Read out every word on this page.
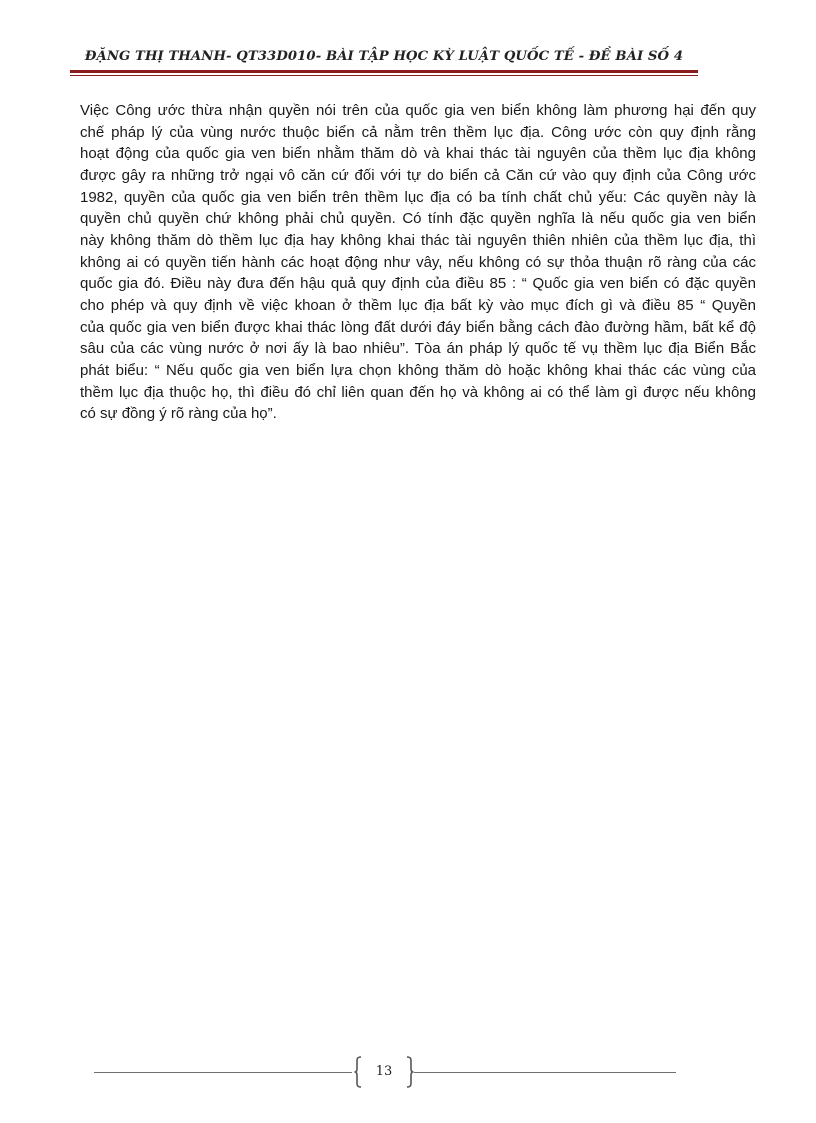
ĐẶNG THỊ THANH- QT33D010- BÀI TẬP HỌC KỲ LUẬT QUỐC TẾ - ĐỀ BÀI SỐ 4
Việc Công ước thừa nhận quyền nói trên của quốc gia ven biển không làm phương hại đến quy
chế pháp lý của vùng nước thuộc biển cả nằm trên thềm lục địa. Công ước còn quy định rằng
hoạt động của quốc gia ven biển nhằm thăm dò và khai thác tài nguyên của thềm lục địa không
được gây ra những trở ngại vô căn cứ đối với tự do biển cả Căn cứ vào quy định của Công ước
1982, quyền của quốc gia ven biển trên thềm lục địa có ba tính chất chủ yếu: Các quyền này là
quyền chủ quyền chứ không phải chủ quyền. Có tính đặc quyền nghĩa là nếu quốc gia ven biển
này không thăm dò thềm lục địa hay không khai thác tài nguyên thiên nhiên của thềm lục địa, thì
không ai có quyền tiến hành các hoạt động như vây, nếu không có sự thỏa thuận rõ ràng của các
quốc gia đó. Điều này đưa đến hậu quả quy định của điều 85 : “ Quốc gia ven biển có đặc quyền
cho phép và quy định về việc khoan ở thềm lục địa bất kỳ vào mục đích gì và điều 85 “ Quyền
của quốc gia ven biển được khai thác lòng đất dưới đáy biển bằng cách đào đường hầm, bất kể độ
sâu của các vùng nước ở nơi ấy là bao nhiêu”. Tòa án pháp lý quốc tế vụ thềm lục địa Biển Bắc
phát biểu: “ Nếu quốc gia ven biển lựa chọn không thăm dò hoặc không khai thác các vùng của
thềm lục địa thuộc họ, thì điều đó chỉ liên quan đến họ và không ai có thể làm gì được nếu không
có sự đồng ý rõ ràng của họ”.
13
